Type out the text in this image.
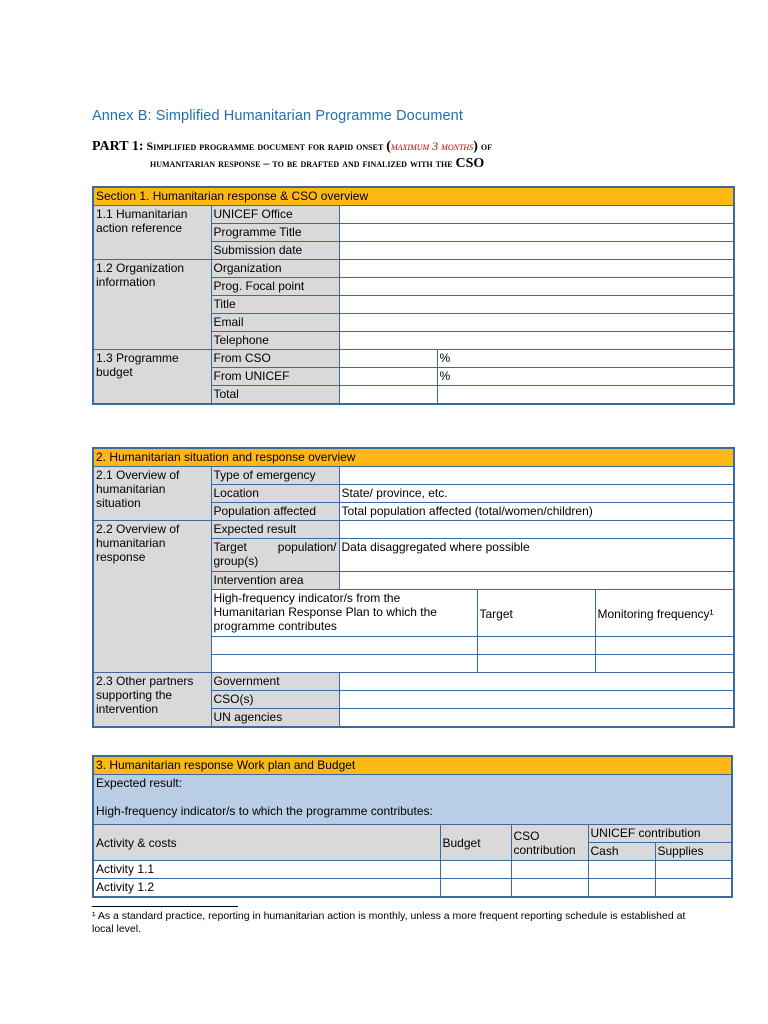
Annex B: Simplified Humanitarian Programme Document
PART 1: Simplified programme document for rapid onset (maximum 3 months) of
humanitarian response – to be drafted and finalized with the CSO
Section 1. Humanitarian response & CSO overview			
1.1 Humanitarian action reference	UNICEF Office		
	Programme Title		
	Submission date		
1.2 Organization information	Organization		
	Prog. Focal point		
	Title		
	Email		
	Telephone		
1.3 Programme budget	From CSO		%
	From UNICEF		%
	Total		
2. Humanitarian situation and response overview				
2.1 Overview of humanitarian situation	Type of emergency			
	Location	State/ province, etc.		
	Population affected	Total population affected (total/women/children)		
2.2 Overview of humanitarian response	Expected result			
	Target population/ group(s)	Data disaggregated where possible		
	Intervention area			
	High-frequency indicator/s from the Humanitarian Response Plan to which the programme contributes		Target	Monitoring frequency¹

2.3 Other partners supporting the intervention	Government			
	CSO(s)			
	UN agencies			
3. Humanitarian response Work plan and Budget				

Expected result:
High-frequency indicator/s to which the programme contributes:				

Activity & costs	Budget	CSO contribution	UNICEF contribution	
			Cash	Supplies
Activity 1.1				
Activity 1.2				
¹ As a standard practice, reporting in humanitarian action is monthly, unless a more frequent reporting schedule is established at local level.
